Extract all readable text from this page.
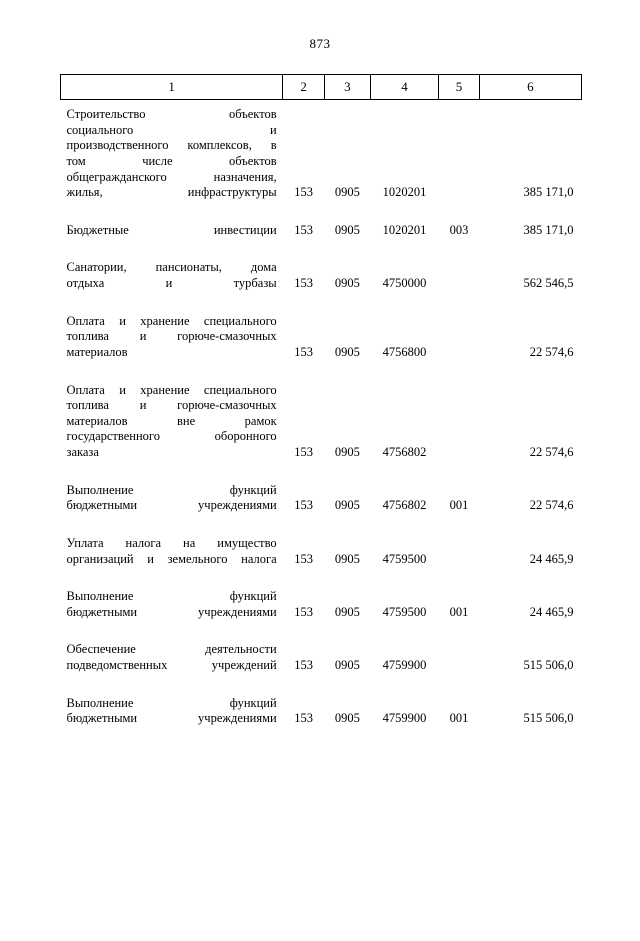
873
1	2	3	4	5	6

Строительство объектов
социального и
производственного комплексов, в
том числе объектов
общегражданского назначения,
жилья, инфраструктуры	153	0905	1020201		385 171,0

Бюджетные инвестиции	153	0905	1020201	003	385 171,0

Санатории, пансионаты, дома
отдыха и турбазы	153	0905	4750000		562 546,5

Оплата и хранение специального
топлива и горюче-смазочных
материалов	153	0905	4756800		22 574,6

Оплата и хранение специального
топлива и горюче-смазочных
материалов вне рамок
государственного оборонного
заказа	153	0905	4756802		22 574,6

Выполнение функций
бюджетными учреждениями	153	0905	4756802	001	22 574,6

Уплата налога на имущество
организаций и земельного налога	153	0905	4759500		24 465,9

Выполнение функций
бюджетными учреждениями	153	0905	4759500	001	24 465,9

Обеспечение деятельности
подведомственных учреждений	153	0905	4759900		515 506,0

Выполнение функций
бюджетными учреждениями	153	0905	4759900	001	515 506,0
